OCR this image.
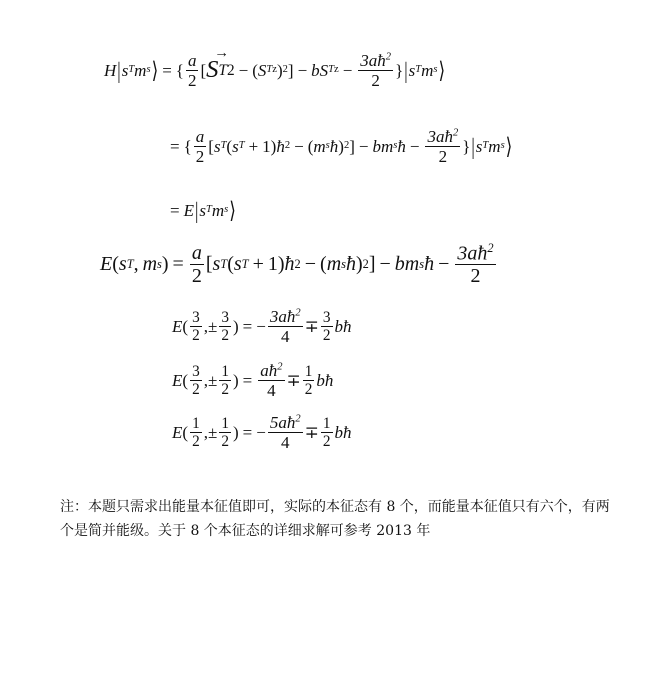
H | s T m s ⟩ = { $\frac{a}{2}$ [ S
→
T 2 − ( S T z ) 2 ]
− b S T $z - \frac{3aħ^2}{2}$ } | s T m s ⟩
= { $\frac{a}{2}$ [ s T ( s T + 1 ) ħ 2 − ( m s ħ ) 2 ]
− b m s ħ − $\frac{3aħ^2}{2}$ } | s T m s ⟩
= E | s T m s ⟩
E ( s T , m s ) = $\frac{a}{2}$ [ s T ( s T + 1 ) ħ 2 − ( m s ħ ) 2 ]
− b m s ħ − $\frac{3aħ^2}{2}$
E ( $\frac{3}{2}$ ,± $\frac{3}{2}$ )
= − $\frac{3aħ^2}{4} \mp \frac{3}{2}$ b ħ
E ( $\frac{3}{2}$ ,± $\frac{1}{2}$ )
= $\frac{aħ^2}{4} \mp \frac{1}{2}$ b ħ
E ( $\frac{1}{2}$ ,± $\frac{1}{2}$ )
= − $\frac{5aħ^2}{4} \mp \frac{1}{2}$ b ħ
注：本题只需求出能量本征值即可，实际的本征态有 8 个，而能量本征值只有六个，有两个是简并能级。关于 8 个本征态的详细求解可参考 2013 年
